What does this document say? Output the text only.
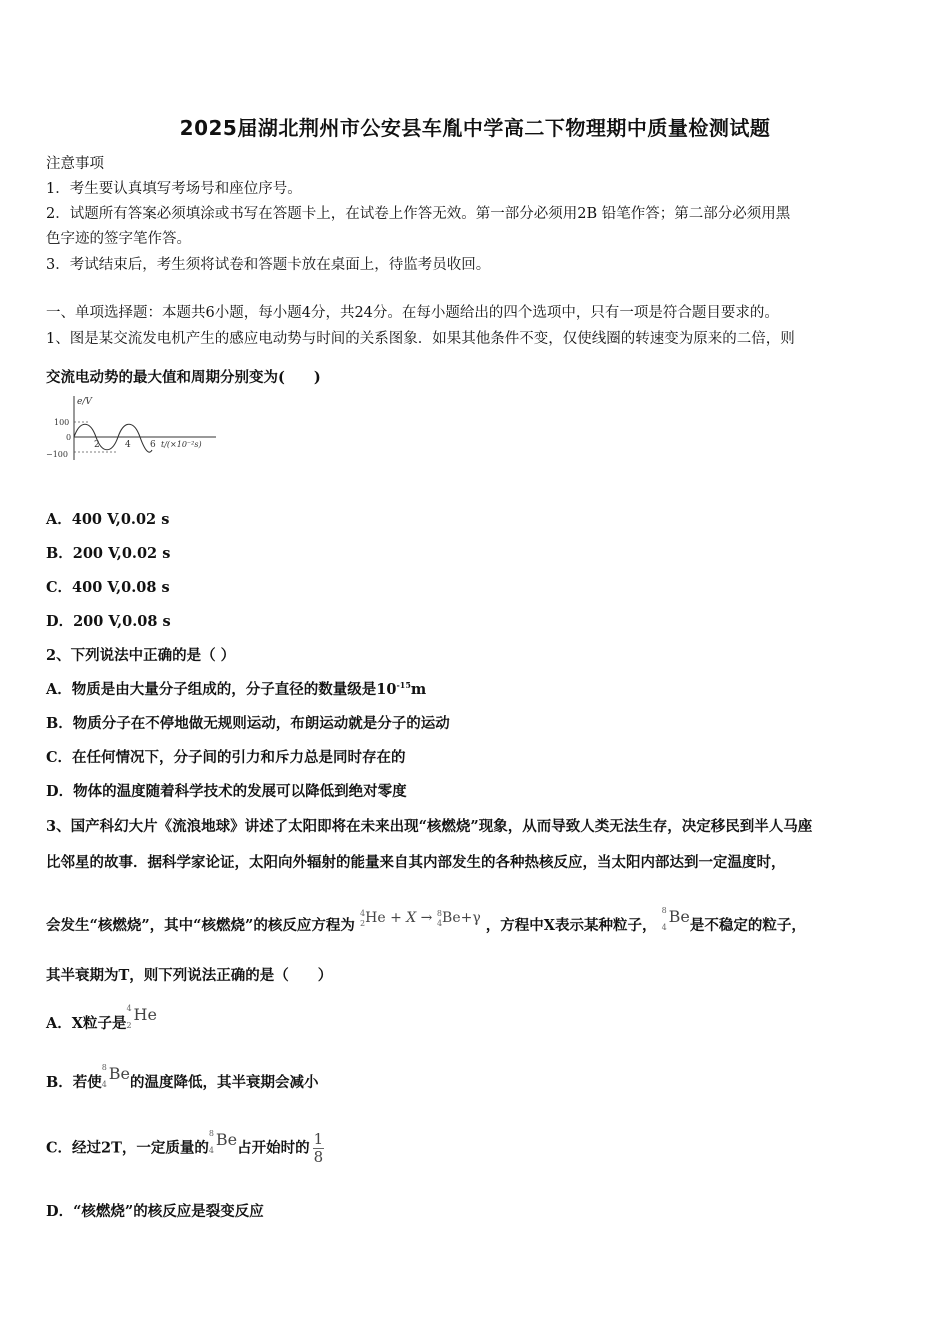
2025届湖北荆州市公安县车胤中学高二下物理期中质量检测试题
注意事项
1．考生要认真填写考场号和座位序号。
2．试题所有答案必须填涂或书写在答题卡上，在试卷上作答无效。第一部分必须用2B 铅笔作答；第二部分必须用黑
色字迹的签字笔作答。
3．考试结束后，考生须将试卷和答题卡放在桌面上，待监考员收回。
一、单项选择题：本题共6小题，每小题4分，共24分。在每小题给出的四个选项中，只有一项是符合题目要求的。
1、图是某交流发电机产生的感应电动势与时间的关系图象．如果其他条件不变，仅使线圈的转速变为原来的二倍，则
交流电动势的最大值和周期分别变为(　　)
e/V
100
0
−100
2	4 6 t/(×10⁻²s)
A．400 V,0.02 s
B．200 V,0.02 s
C．400 V,0.08 s
D．200 V,0.08 s
2、下列说法中正确的是（ ）
A．物质是由大量分子组成的，分子直径的数量级是$10^{-15}m$
B．物质分子在不停地做无规则运动，布朗运动就是分子的运动
C．在任何情况下，分子间的引力和斥力总是同时存在的
D．物体的温度随着科学技术的发展可以降低到绝对零度
3、国产科幻大片《流浪地球》讲述了太阳即将在未来出现“核燃烧”现象，从而导致人类无法生存，决定移民到半人马座
比邻星的故事．据科学家论证，太阳向外辐射的能量来自其内部发生的各种热核反应，当太阳内部达到一定温度时，
会发生“核燃烧”，其中“核燃烧”的核反应方程为 $^4_2$He + X → $^8_4$Be+γ ，方程中X表示某种粒子，
8
4
Be是不稳定的粒子，
其半衰期为T，则下列说法正确的是（　　）
A．X粒子是
4
2
He
B．若使
8
4
Be的温度降低，其半衰期会减小
C．经过2T，一定质量的
8
4
Be占开始时的 $\frac{1}{8}$
D．“核燃烧”的核反应是裂变反应
